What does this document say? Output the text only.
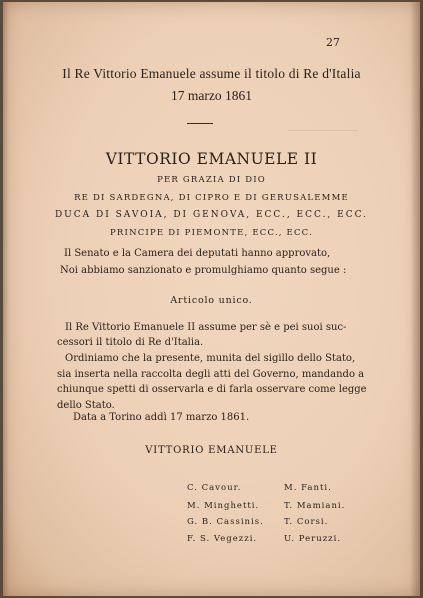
27
Il Re Vittorio Emanuele assume il titolo di Re d'Italia
17 marzo 1861
VITTORIO EMANUELE II
PER GRAZIA DI DIO
RE DI SARDEGNA, DI CIPRO E DI GERUSALEMME
DUCA DI SAVOIA, DI GENOVA, ECC., ECC., ECC.
PRINCIPE DI PIEMONTE, ECC., ECC.
Il Senato e la Camera dei deputati hanno approvato,
Noi abbiamo sanzionato e promulghiamo quanto segue :
Articolo unico.
Il Re Vittorio Emanuele II assume per sè e pei suoi suc-
cessori il titolo di Re d'Italia.
Ordiniamo che la presente, munita del sigillo dello Stato,
sia inserta nella raccolta degli atti del Governo, mandando a
chiunque spetti di osservarla e di farla osservare come legge
dello Stato.
Data a Torino addì 17 marzo 1861.
VITTORIO EMANUELE
C. Cavour.
M. Minghetti.
G. B. Cassinis.
F. S. Vegezzi.
M. Fanti.
T. Mamiani.
T. Corsi.
U. Peruzzi.
